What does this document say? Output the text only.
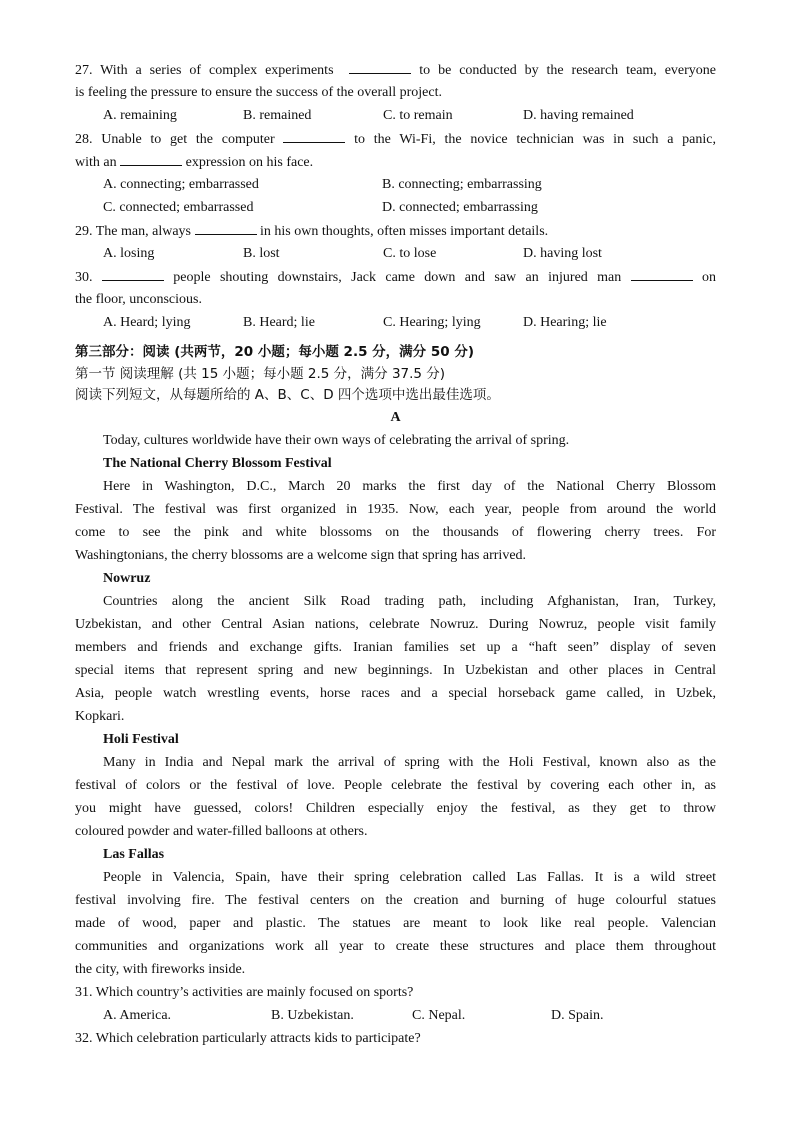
27. With a series of complex experiments	to be conducted by the research team, everyone
is feeling the pressure to ensure the success of the overall project.
A. remaining	B. remained	C. to remain	D. having remained
28. Unable to get the computer	to the Wi-Fi, the novice technician was in such a panic,
with an	expression on his face.
A. connecting; embarrassed	B. connecting; embarrassing
C. connected; embarrassed	D. connected; embarrassing
29. The man, always	in his own thoughts, often misses important details.
A. losing	B. lost	C. to lose	D. having lost
30.	people shouting downstairs, Jack came down and saw an injured man	on
the floor, unconscious.
A. Heard; lying	B. Heard; lie	C. Hearing; lying	D. Hearing; lie
第三部分：阅读 (共两节，20 小题；每小题 2.5 分，满分 50 分)
第一节 阅读理解 (共 15 小题；每小题 2.5 分，满分 37.5 分)
阅读下列短文，从每题所给的 A、B、C、D 四个选项中选出最佳选项。
A
Today, cultures worldwide have their own ways of celebrating the arrival of spring.
The National Cherry Blossom Festival
Here in Washington, D.C., March 20 marks the first day of the National Cherry Blossom
Festival. The festival was first organized in 1935. Now, each year, people from around the world
come to see the pink and white blossoms on the thousands of flowering cherry trees. For
Washingtonians, the cherry blossoms are a welcome sign that spring has arrived.
Nowruz
Countries along the ancient Silk Road trading path, including Afghanistan, Iran, Turkey,
Uzbekistan, and other Central Asian nations, celebrate Nowruz. During Nowruz, people visit family
members and friends and exchange gifts. Iranian families set up a “haft seen” display of seven
special items that represent spring and new beginnings. In Uzbekistan and other places in Central
Asia, people watch wrestling events, horse races and a special horseback game called, in Uzbek,
Kopkari.
Holi Festival
Many in India and Nepal mark the arrival of spring with the Holi Festival, known also as the
festival of colors or the festival of love. People celebrate the festival by covering each other in, as
you might have guessed, colors! Children especially enjoy the festival, as they get to throw
coloured powder and water-filled balloons at others.
Las Fallas
People in Valencia, Spain, have their spring celebration called Las Fallas. It is a wild street
festival involving fire. The festival centers on the creation and burning of huge colourful statues
made of wood, paper and plastic. The statues are meant to look like real people. Valencian
communities and organizations work all year to create these structures and place them throughout
the city, with fireworks inside.
31. Which country’s activities are mainly focused on sports?
A. America.	B. Uzbekistan.	C. Nepal.	D. Spain.
32. Which celebration particularly attracts kids to participate?
